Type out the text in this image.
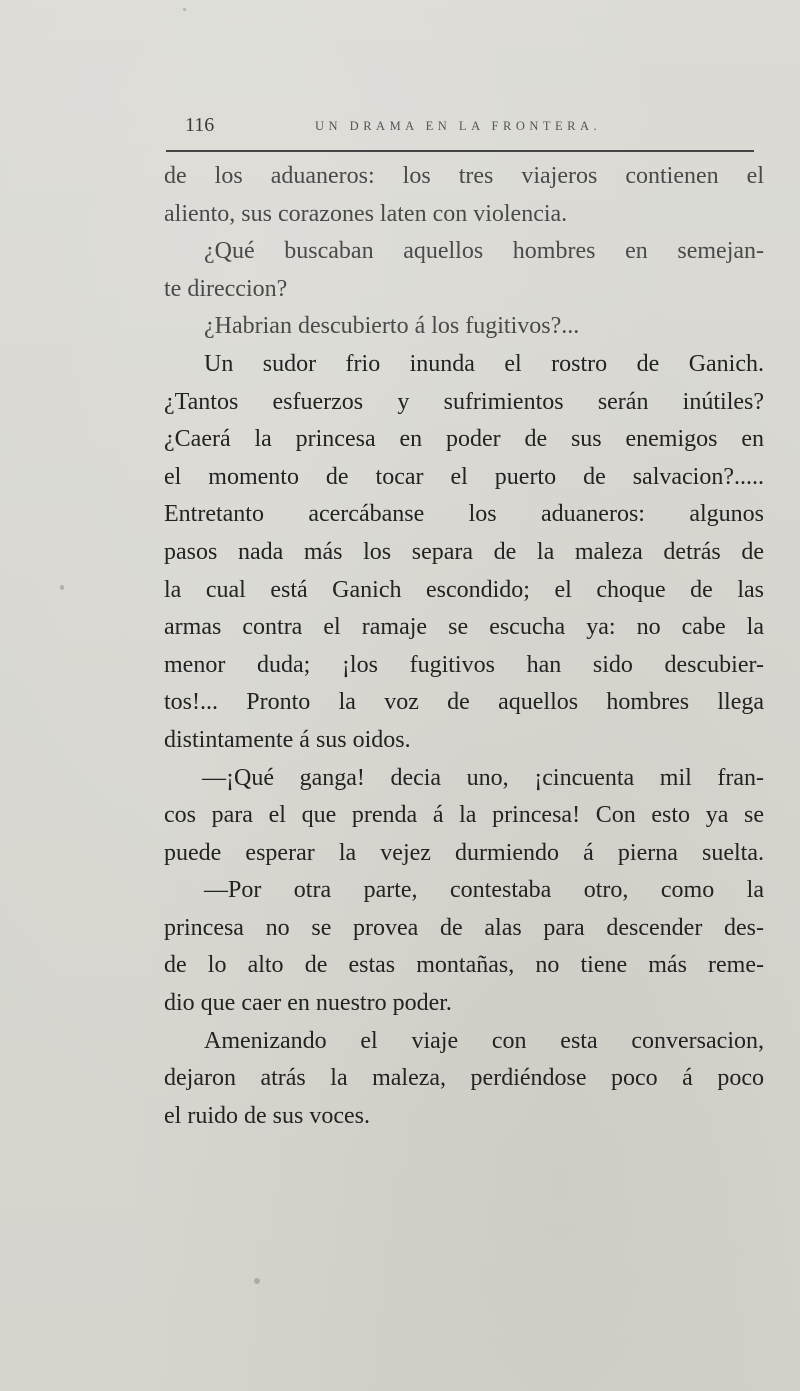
116	UN DRAMA EN LA FRONTERA.
de los aduaneros: los tres viajeros contienen el
aliento, sus corazones laten con violencia.
¿Qué buscaban aquellos hombres en semejan-
te direccion?
¿Habrian descubierto á los fugitivos?...
Un sudor frio inunda el rostro de Ganich.
¿Tantos esfuerzos y sufrimientos serán inútiles?
¿Caerá la princesa en poder de sus enemigos en
el momento de tocar el puerto de salvacion?.....
Entretanto acercábanse los aduaneros: algunos
pasos nada más los separa de la maleza detrás de
la cual está Ganich escondido; el choque de las
armas contra el ramaje se escucha ya: no cabe la
menor duda; ¡los fugitivos han sido descubier-
tos!... Pronto la voz de aquellos hombres llega
distintamente á sus oidos.
—¡Qué ganga! decia uno, ¡cincuenta mil fran-
cos para el que prenda á la princesa! Con esto ya se
puede esperar la vejez durmiendo á pierna suelta.
—Por otra parte, contestaba otro, como la
princesa no se provea de alas para descender des-
de lo alto de estas montañas, no tiene más reme-
dio que caer en nuestro poder.
Amenizando el viaje con esta conversacion,
dejaron atrás la maleza, perdiéndose poco á poco
el ruido de sus voces.
